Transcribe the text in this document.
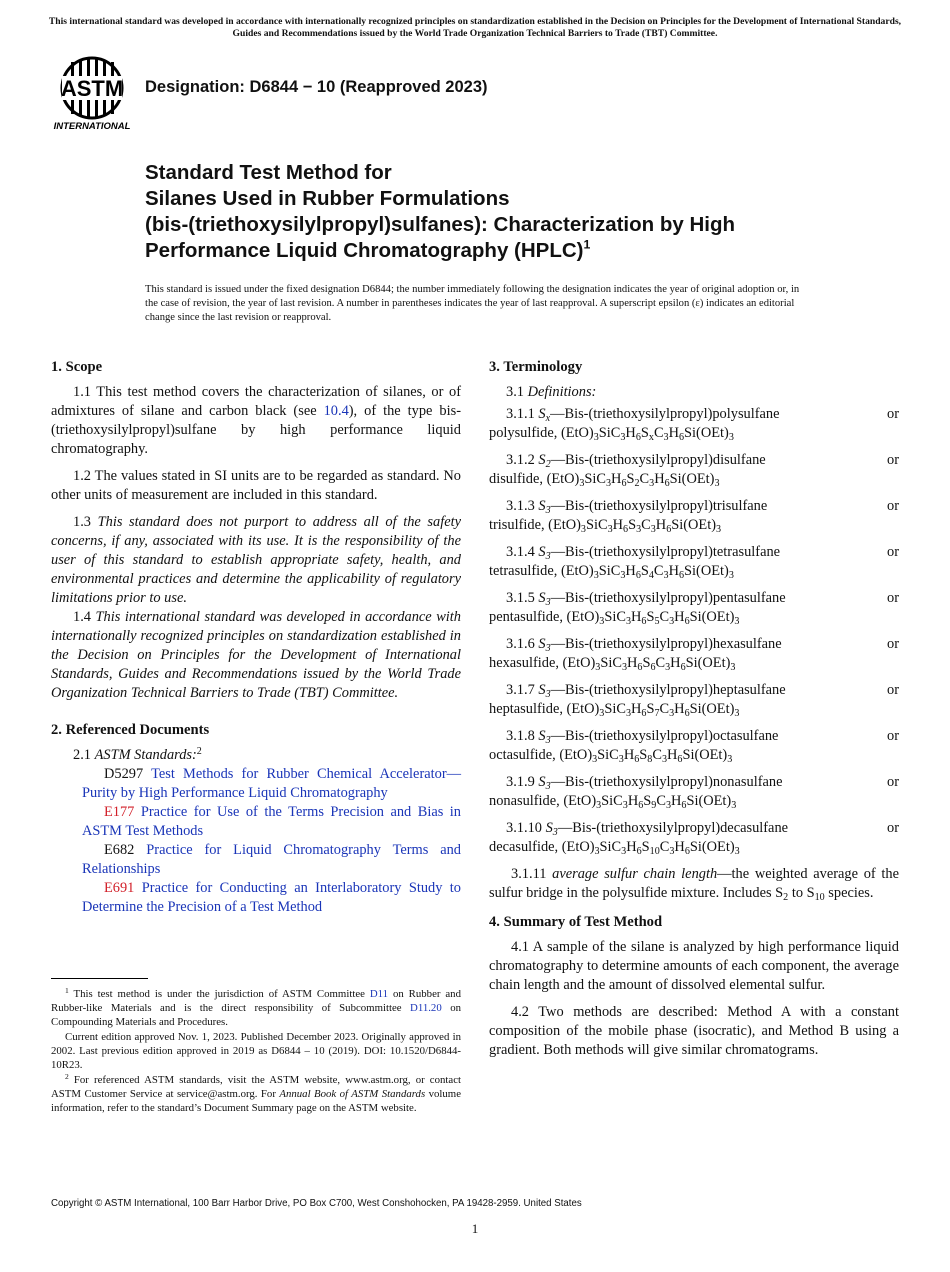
This international standard was developed in accordance with internationally recognized principles on standardization established in the Decision on Principles for the Development of International Standards, Guides and Recommendations issued by the World Trade Organization Technical Barriers to Trade (TBT) Committee.
ASTM
INTERNATIONAL
Designation: D6844 − 10 (Reapproved 2023)
Standard Test Method for
Silanes Used in Rubber Formulations
(bis-(triethoxysilylpropyl)sulfanes): Characterization by High
Performance Liquid Chromatography (HPLC)$^1$

This standard is issued under the fixed designation D6844; the number immediately following the designation indicates the year of original adoption or, in the case of revision, the year of last revision. A number in parentheses indicates the year of last reapproval. A superscript epsilon (ε) indicates an editorial change since the last revision or reapproval.

1. Scope

1.1 This test method covers the characterization of silanes, or of admixtures of silane and carbon black (see 10.4), of the type bis-(triethoxysilylpropyl)sulfane by high performance liquid chromatography.

1.2 The values stated in SI units are to be regarded as standard. No other units of measurement are included in this standard.

1.3 This standard does not purport to address all of the safety concerns, if any, associated with its use. It is the responsibility of the user of this standard to establish appropriate safety, health, and environmental practices and determine the applicability of regulatory limitations prior to use.

1.4 This international standard was developed in accordance with internationally recognized principles on standardization established in the Decision on Principles for the Development of International Standards, Guides and Recommendations issued by the World Trade Organization Technical Barriers to Trade (TBT) Committee.

2. Referenced Documents

2.1 ASTM Standards:$^2$

D5297 Test Methods for Rubber Chemical Accelerator—Purity by High Performance Liquid Chromatography

E177 Practice for Use of the Terms Precision and Bias in ASTM Test Methods

E682 Practice for Liquid Chromatography Terms and Relationships

E691 Practice for Conducting an Interlaboratory Study to Determine the Precision of a Test Method

$^1$ This test method is under the jurisdiction of ASTM Committee D11 on Rubber and Rubber-like Materials and is the direct responsibility of Subcommittee D11.20 on Compounding Materials and Procedures.

Current edition approved Nov. 1, 2023. Published December 2023. Originally approved in 2002. Last previous edition approved in 2019 as D6844 – 10 (2019). DOI: 10.1520/D6844-10R23.

$^2$ For referenced ASTM standards, visit the ASTM website, www.astm.org, or contact ASTM Customer Service at service@astm.org. For Annual Book of ASTM Standards volume information, refer to the standard’s Document Summary page on the ASTM website.

3. Terminology

3.1 Definitions:

3.1.1 $S_x—Bis-(triethoxysilylpropyl)polysulfane$	or
polysulfide, $(EtO)_3SiC_3H_6S_xC_3H_6Si(OEt)_3$
3.1.2 $S_2—Bis-(triethoxysilylpropyl)disulfane$	or
disulfide, $(EtO)_3SiC_3H_6S_2C_3H_6Si(OEt)_3$
3.1.3 $S_3—Bis-(triethoxysilylpropyl)trisulfane$	or
trisulfide, $(EtO)_3SiC_3H_6S_3C_3H_6Si(OEt)_3$
3.1.4 $S_3—Bis-(triethoxysilylpropyl)tetrasulfane$	or
tetrasulfide, $(EtO)_3SiC_3H_6S_4C_3H_6Si(OEt)_3$
3.1.5 $S_3—Bis-(triethoxysilylpropyl)pentasulfane$	or
pentasulfide, $(EtO)_3SiC_3H_6S_5C_3H_6Si(OEt)_3$
3.1.6 $S_3—Bis-(triethoxysilylpropyl)hexasulfane$	or
hexasulfide, $(EtO)_3SiC_3H_6S_6C_3H_6Si(OEt)_3$
3.1.7 $S_3—Bis-(triethoxysilylpropyl)heptasulfane$	or
heptasulfide, $(EtO)_3SiC_3H_6S_7C_3H_6Si(OEt)_3$
3.1.8 $S_3—Bis-(triethoxysilylpropyl)octasulfane$	or
octasulfide, $(EtO)_3SiC_3H_6S_8C_3H_6Si(OEt)_3$
3.1.9 $S_3—Bis-(triethoxysilylpropyl)nonasulfane$	or
nonasulfide, $(EtO)_3SiC_3H_6S_9C_3H_6Si(OEt)_3$
3.1.10 $S_3—Bis-(triethoxysilylpropyl)decasulfane$	or
decasulfide, $(EtO)_3SiC_3H_6S_{10}C_3H_6Si(OEt)_3$

3.1.11 average sulfur chain length—the weighted average of the sulfur bridge in the polysulfide mixture. Includes $S_2$ to $S_{10}$ species.

4. Summary of Test Method

4.1 A sample of the silane is analyzed by high performance liquid chromatography to determine amounts of each component, the average chain length and the amount of dissolved elemental sulfur.

4.2 Two methods are described: Method A with a constant composition of the mobile phase (isocratic), and Method B using a gradient. Both methods will give similar chromatograms.

Copyright © ASTM International, 100 Barr Harbor Drive, PO Box C700, West Conshohocken, PA 19428-2959. United States
1
